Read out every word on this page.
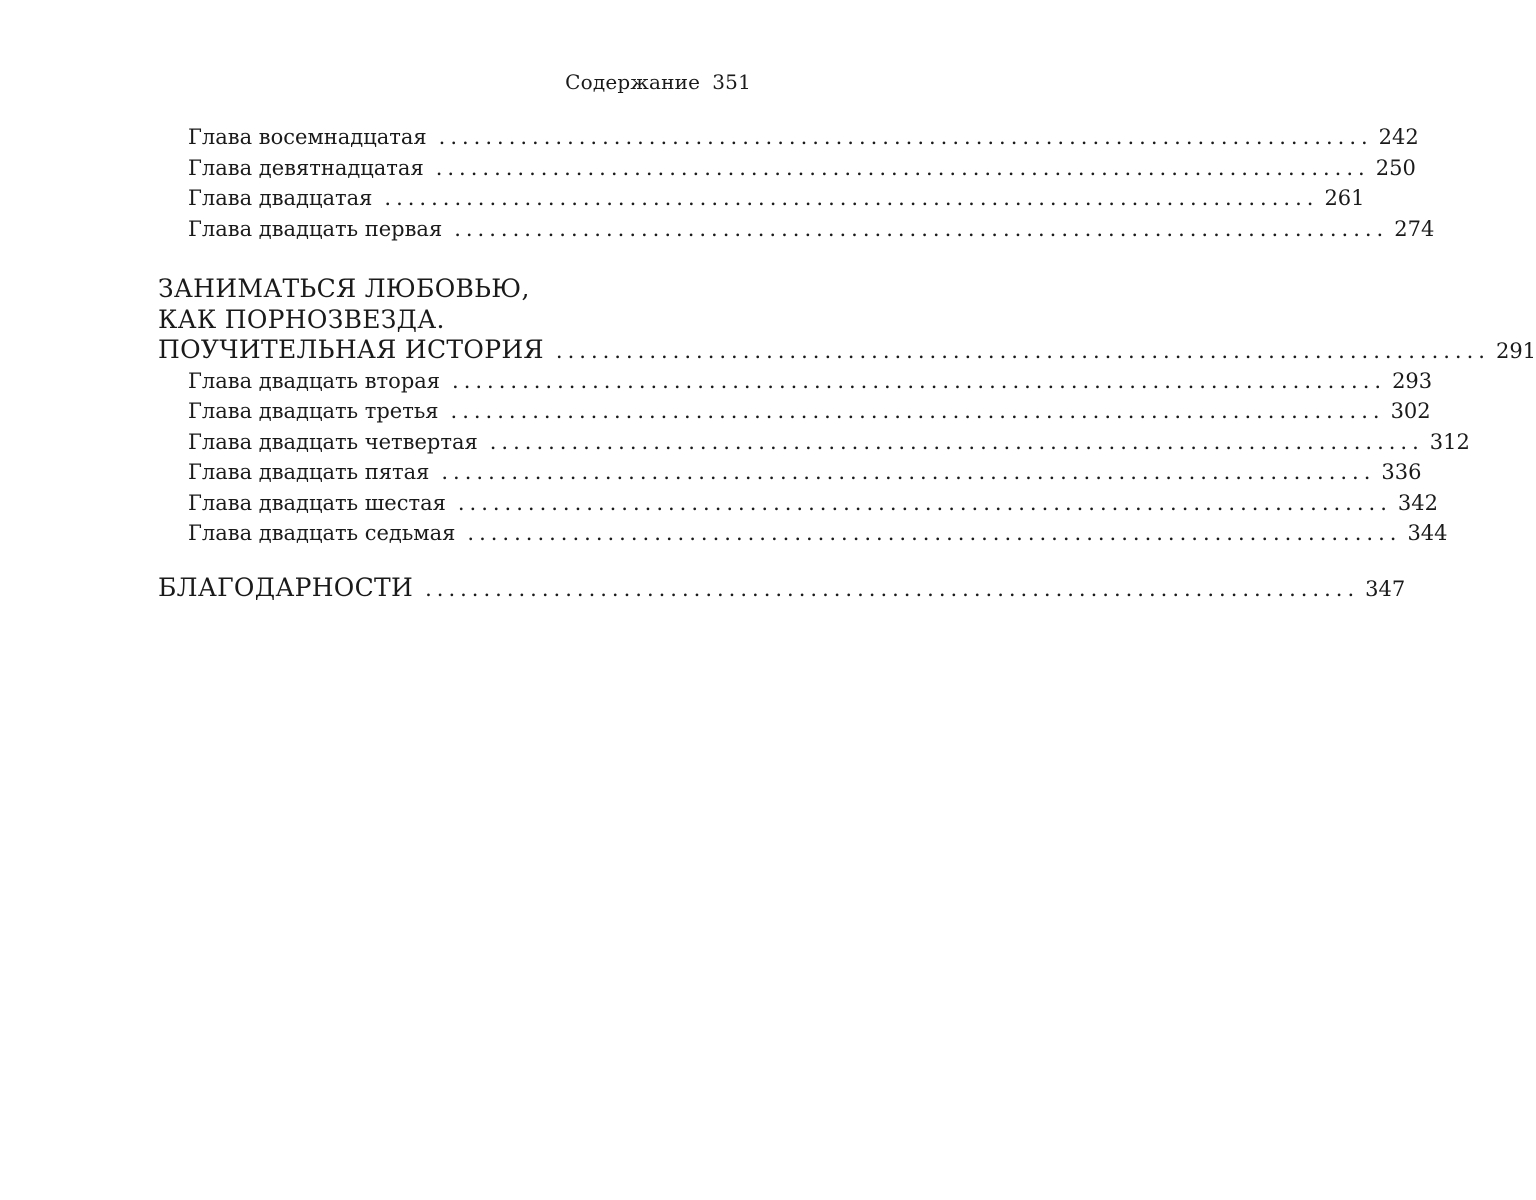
Содержание 351
Глава восемнадцатая ................................................................................ 242
Глава девятнадцатая ................................................................................ 250
Глава двадцатая ................................................................................ 261
Глава двадцать первая ................................................................................ 274
ЗАНИМАТЬСЯ ЛЮБОВЬЮ,
КАК ПОРНОЗВЕЗДА.
ПОУЧИТЕЛЬНАЯ ИСТОРИЯ ................................................................................ 291
Глава двадцать вторая ................................................................................ 293
Глава двадцать третья ................................................................................ 302
Глава двадцать четвертая ................................................................................ 312
Глава двадцать пятая ................................................................................ 336
Глава двадцать шестая ................................................................................ 342
Глава двадцать седьмая ................................................................................ 344
БЛАГОДАРНОСТИ ................................................................................ 347
